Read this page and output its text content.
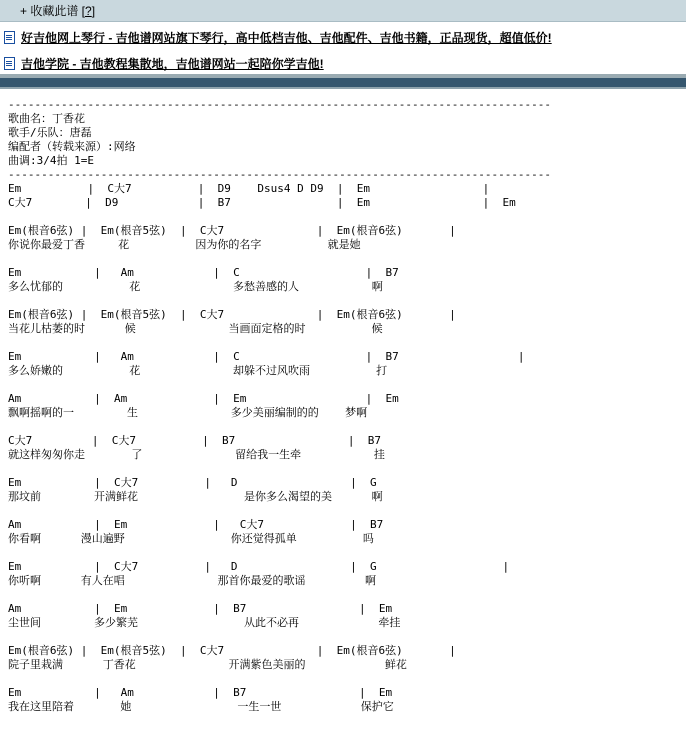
+ 收藏此谱 [?]
好吉他网上琴行 - 吉他谱网站旗下琴行，高中低档吉他、吉他配件、吉他书籍，正品现货，超值低价!
吉他学院 - 吉他教程集散地，吉他谱网站一起陪你学吉他!
----------------------------------------------------------------------------------
歌曲名：丁香花
歌手/乐队：唐磊
编配者（转载来源）:网络
曲调:3/4拍 1=E
----------------------------------------------------------------------------------
Em          |  C大7          |  D9    Dsus4 D D9  |  Em                 |
C大7        |  D9            |  B7                |  Em                 |  Em
Em(根音6弦) |  Em(根音5弦)  |  C大7              |  Em(根音6弦)       |
你说你最爱丁香     花          因为你的名字          就是她
Em           |   Am            |  C                   |  B7
多么忧郁的          花              多愁善感的人           啊
Em(根音6弦) |  Em(根音5弦)  |  C大7              |  Em(根音6弦)       |
当花儿枯萎的时      候              当画面定格的时          候
Em           |   Am            |  C                   |  B7                  |
多么娇嫩的          花              却躲不过风吹雨          打
Am           |  Am             |  Em                  |  Em
飘啊摇啊的一        生              多少美丽编制的的    梦啊
C大7         |  C大7          |  B7                 |  B7
就这样匆匆你走       了              留给我一生牵           挂
Em           |  C大7          |   D                 |  G
那坟前        开满鲜花                是你多么渴望的美      啊
Am           |  Em             |   C大7             |  B7
你看啊      漫山遍野                你还觉得孤单          吗
Em           |  C大7          |   D                 |  G                   |
你听啊      有人在唱              那首你最爱的歌谣         啊
Am           |  Em             |  B7                 |  Em
尘世间        多少繁芜                从此不必再            牵挂
Em(根音6弦) |  Em(根音5弦)  |  C大7              |  Em(根音6弦)       |
院子里栽满      丁香花              开满紫色美丽的            鲜花
Em           |   Am            |  B7                 |  Em
我在这里陪着       她                一生一世            保护它
